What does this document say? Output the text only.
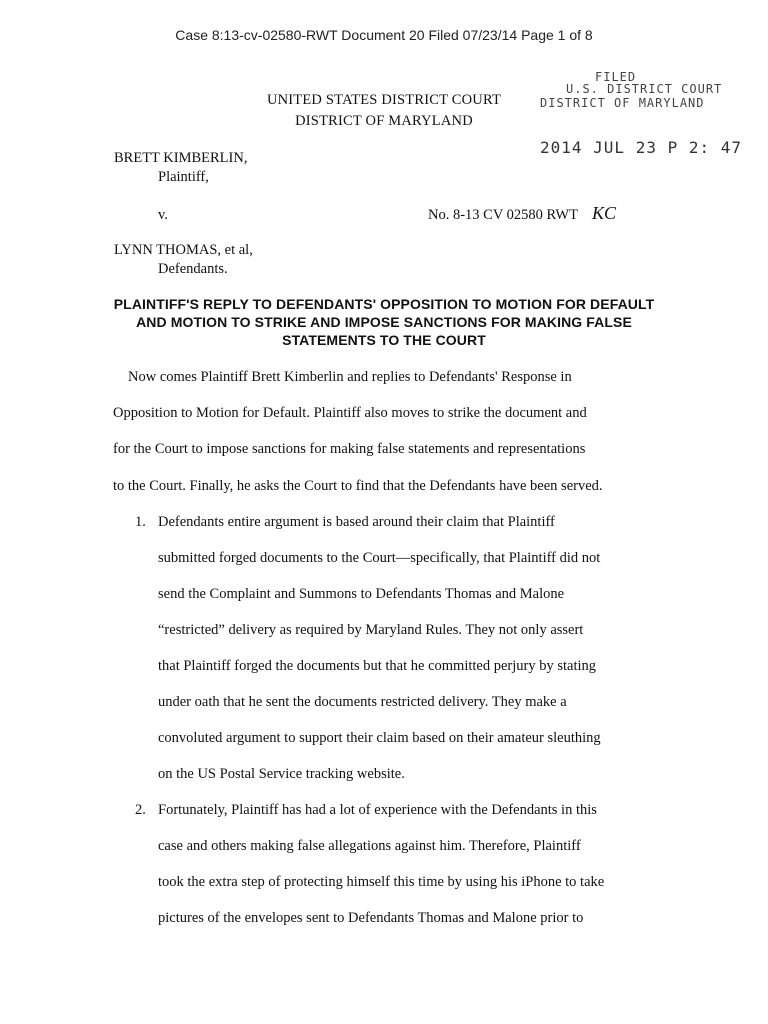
Case 8:13-cv-02580-RWT Document 20 Filed 07/23/14 Page 1 of 8
UNITED STATES DISTRICT COURT
DISTRICT OF MARYLAND
FILED
U.S. DISTRICT COURT
DISTRICT OF MARYLAND
2014 JUL 23 P 2: 47
BRETT KIMBERLIN,
Plaintiff,
v.	No. 8-13 CV 02580 RWT KC
LYNN THOMAS, et al,
Defendants.
PLAINTIFF'S REPLY TO DEFENDANTS' OPPOSITION TO MOTION FOR DEFAULT
AND MOTION TO STRIKE AND IMPOSE SANCTIONS FOR MAKING FALSE
STATEMENTS TO THE COURT
Now comes Plaintiff Brett Kimberlin and replies to Defendants' Response in
Opposition to Motion for Default. Plaintiff also moves to strike the document and
for the Court to impose sanctions for making false statements and representations
to the Court. Finally, he asks the Court to find that the Defendants have been served.
1. Defendants entire argument is based around their claim that Plaintiff
submitted forged documents to the Court—specifically, that Plaintiff did not
send the Complaint and Summons to Defendants Thomas and Malone
“restricted” delivery as required by Maryland Rules. They not only assert
that Plaintiff forged the documents but that he committed perjury by stating
under oath that he sent the documents restricted delivery. They make a
convoluted argument to support their claim based on their amateur sleuthing
on the US Postal Service tracking website.
2. Fortunately, Plaintiff has had a lot of experience with the Defendants in this
case and others making false allegations against him. Therefore, Plaintiff
took the extra step of protecting himself this time by using his iPhone to take
pictures of the envelopes sent to Defendants Thomas and Malone prior to
